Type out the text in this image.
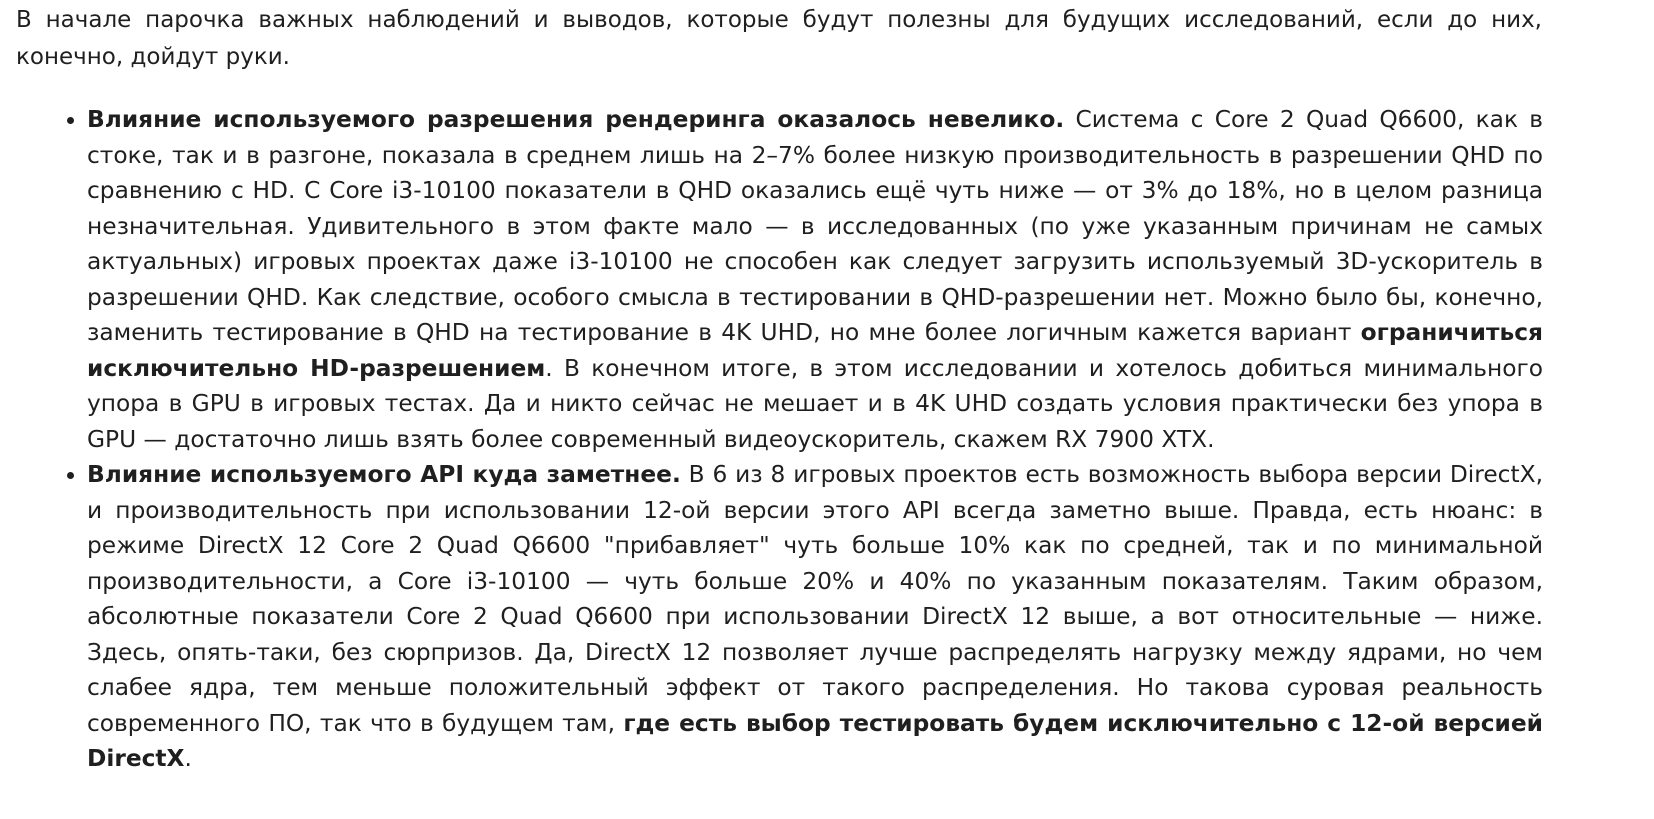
В начале парочка важных наблюдений и выводов, которые будут полезны для будущих исследований, если до них, конечно, дойдут руки.

Влияние используемого разрешения рендеринга оказалось невелико. Система с Core 2 Quad Q6600, как в стоке, так и в разгоне, показала в среднем лишь на 2–7% более низкую производительность в разрешении QHD по сравнению с HD. С Core i3-10100 показатели в QHD оказались ещё чуть ниже — от 3% до 18%, но в целом разница незначительная. Удивительного в этом факте мало — в исследованных (по уже указанным причинам не самых актуальных) игровых проектах даже i3-10100 не способен как следует загрузить используемый 3D-ускоритель в разрешении QHD. Как следствие, особого смысла в тестировании в QHD-разрешении нет. Можно было бы, конечно, заменить тестирование в QHD на тестирование в 4K UHD, но мне более логичным кажется вариант ограничиться исключительно HD-разрешением. В конечном итоге, в этом исследовании и хотелось добиться минимального упора в GPU в игровых тестах. Да и никто сейчас не мешает и в 4K UHD создать условия практически без упора в GPU — достаточно лишь взять более современный видеоускоритель, скажем RX 7900 XTX.
Влияние используемого API куда заметнее. В 6 из 8 игровых проектов есть возможность выбора версии DirectX, и производительность при использовании 12-ой версии этого API всегда заметно выше. Правда, есть нюанс: в режиме DirectX 12 Core 2 Quad Q6600 "прибавляет" чуть больше 10% как по средней, так и по минимальной производительности, а Core i3-10100 — чуть больше 20% и 40% по указанным показателям. Таким образом, абсолютные показатели Core 2 Quad Q6600 при использовании DirectX 12 выше, а вот относительные — ниже. Здесь, опять-таки, без сюрпризов. Да, DirectX 12 позволяет лучше распределять нагрузку между ядрами, но чем слабее ядра, тем меньше положительный эффект от такого распределения. Но такова суровая реальность современного ПО, так что в будущем там, где есть выбор тестировать будем исключительно с 12-ой версией DirectX.
